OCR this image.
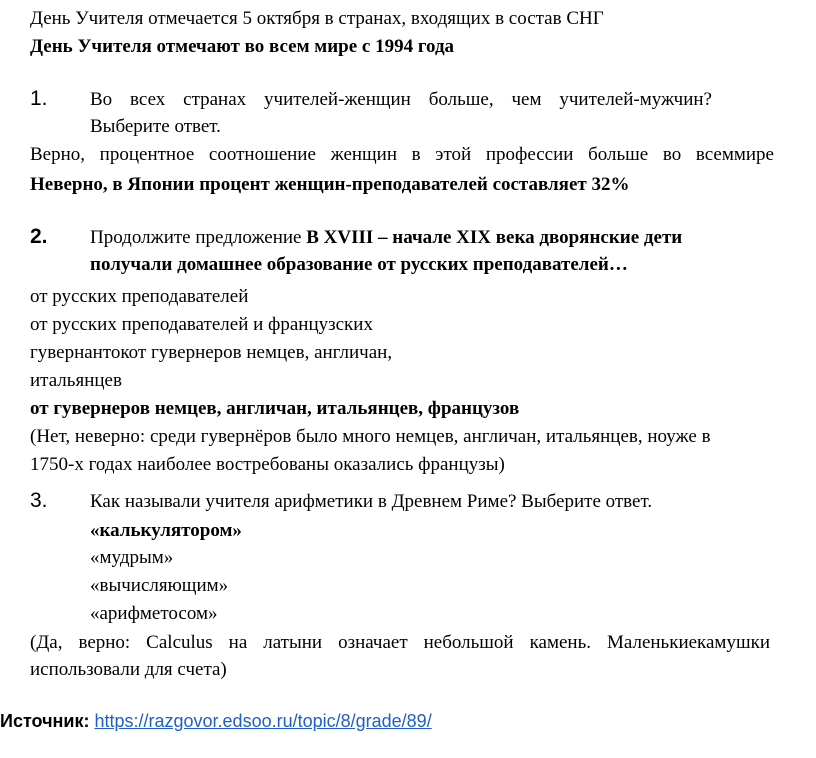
День Учителя отмечается 5 октября в странах, входящих в состав СНГ
День Учителя отмечают во всем мире с 1994 года
1. Во всех странах учителей-женщин больше, чем учителей-мужчин?
Выберите ответ.
Верно, процентное соотношение женщин в этой профессии больше во всеммире
Неверно, в Японии процент женщин-преподавателей составляет 32%
2. Продолжите предложение В XVIII – начале XIX века дворянские дети
получали домашнее образование от русских преподавателей…
от русских преподавателей
от русских преподавателей и французских
гувернантокот гувернеров немцев, англичан,
итальянцев
от гувернеров немцев, англичан, итальянцев, французов
(Нет, неверно: среди гувернёров было много немцев, англичан, итальянцев, ноуже в
1750-х годах наиболее востребованы оказались французы)
3. Как называли учителя арифметики в Древнем Риме? Выберите ответ.
«калькулятором»
«мудрым»
«вычисляющим»
«арифметосом»
(Да, верно: Calculus на латыни означает небольшой камень. Маленькиекамушки
использовали для счета)
Источник: https://razgovor.edsoo.ru/topic/8/grade/89/
